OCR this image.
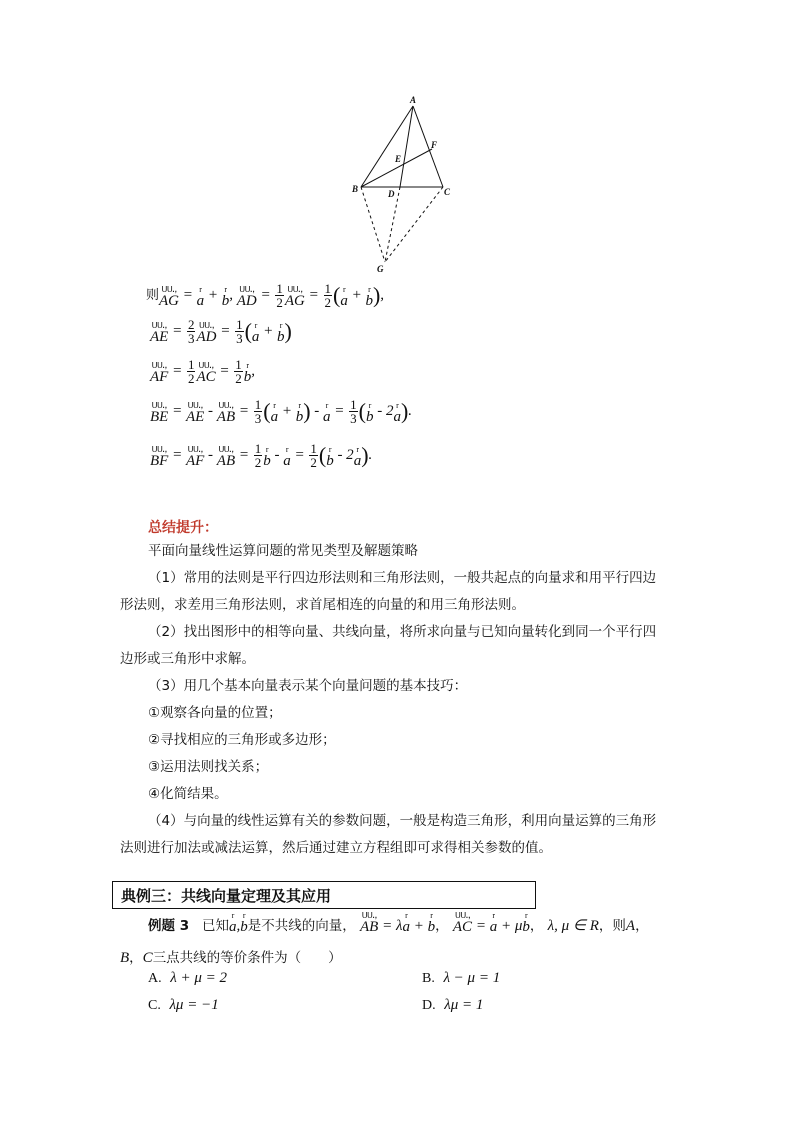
A
B	C
D
E
F
G
则 ꓴꓴꓻ
AG = r
a + r
b , ꓴꓴꓻ
AD = $\frac{1}{2}$ ꓴꓴꓻ
AG = $\frac{1}{2}$ ( r
a + r
b ),
ꓴꓴꓻ
AE = $\frac{2}{3}$ ꓴꓴꓻ
AD = $\frac{1}{3}$ ( r
a + r
b )
ꓴꓴꓻ
AF = $\frac{1}{2}$ ꓴꓴꓻ
AC = $\frac{1}{2}$ r
b ,
ꓴꓴꓻ
BE = ꓴꓴꓻ
AE - ꓴꓴꓻ
AB = $\frac{1}{3}$ ( r
a + r
b ) - r
$a = \frac{1}{3}$ ( r
b - 2 r
a ).
ꓴꓴꓻ
BF = ꓴꓴꓻ
AF - ꓴꓴꓻ
AB = $\frac{1}{2}$ r
b - r
$a = \frac{1}{2}$ ( r
b - 2 r
a ).
总结提升：
平面向量线性运算问题的常见类型及解题策略
（1）常用的法则是平行四边形法则和三角形法则，一般共起点的向量求和用平行四边
形法则，求差用三角形法则，求首尾相连的向量的和用三角形法则。
（2）找出图形中的相等向量、共线向量，将所求向量与已知向量转化到同一个平行四
边形或三角形中求解。
（3）用几个基本向量表示某个向量问题的基本技巧：
①观察各向量的位置；
②寻找相应的三角形或多边形；
③运用法则找关系；
④化简结果。
（4）与向量的线性运算有关的参数问题，一般是构造三角形，利用向量运算的三角形
法则进行加法或减法运算，然后通过建立方程组即可求得相关参数的值。
典例三：共线向量定理及其应用
例题 3 已知
r
a ,
r
b 是不共线的向量，
ꓴꓴꓻ
AB = λ
r
a +
r
b ，
ꓴꓴꓻ
AC =
r
a + μ
r
b ， λ, μ ∈ R，则A，
B，C三点共线的等价条件为（　　）
A. λ + μ = 2	B. λ − μ = 1
C. λμ = −1	D. λμ = 1
